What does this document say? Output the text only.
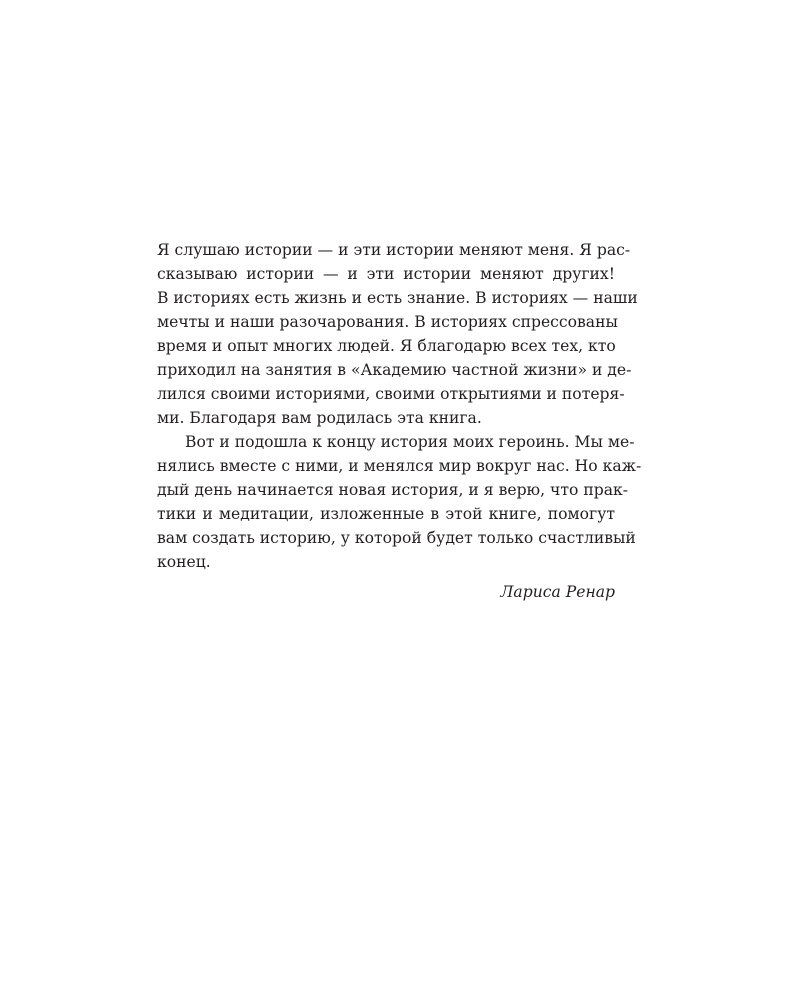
Я слушаю истории — и эти истории меняют меня. Я рас-
сказываю истории — и эти истории меняют других!
В историях есть жизнь и есть знание. В историях — наши
мечты и наши разочарования. В историях спрессованы
время и опыт многих людей. Я благодарю всех тех, кто
приходил на занятия в «Академию частной жизни» и де-
лился своими историями, своими открытиями и потеря-
ми. Благодаря вам родилась эта книга.
Вот и подошла к концу история моих героинь. Мы ме-
нялись вместе с ними, и менялся мир вокруг нас. Но каж-
дый день начинается новая история, и я верю, что прак-
тики и медитации, изложенные в этой книге, помогут
вам создать историю, у которой будет только счастливый
конец.
Лариса Ренар
